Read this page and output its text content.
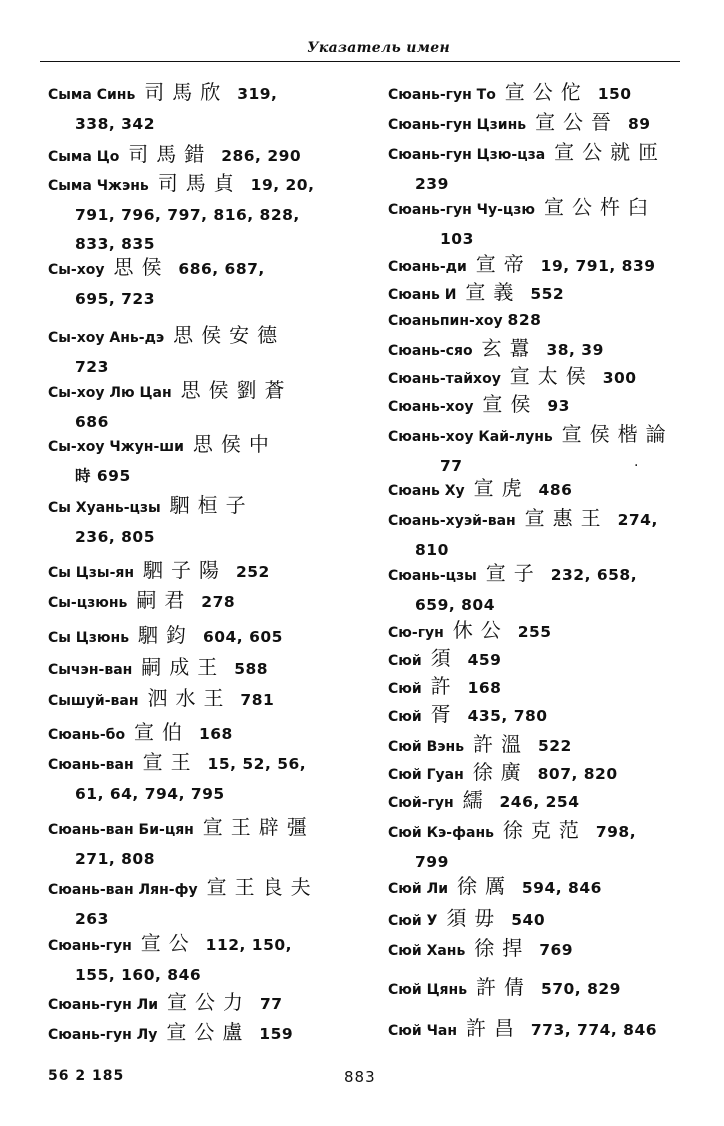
Указатель имен
Сыма Синь 司馬欣 319,
338, 342
Сыма Цо 司馬錯 286, 290
Сыма Чжэнь 司馬貞 19, 20,
791, 796, 797, 816, 828,
833, 835
Сы-хоу 思侯 686, 687,
695, 723
Сы-хоу Ань-дэ 思侯安德
723
Сы-хоу Лю Цан 思侯劉蒼
686
Сы-хоу Чжун-ши 思侯中
時 695
Сы Хуань-цзы 駟桓子
236, 805
Сы Цзы-ян 駟子陽 252
Сы-цзюнь 嗣君 278
Сы Цзюнь 駟鈞 604, 605
Сычэн-ван 嗣成王 588
Сышуй-ван 泗水王 781
Сюань-бо 宣伯 168
Сюань-ван 宣王 15, 52, 56,
61, 64, 794, 795
Сюань-ван Би-цян 宣王辟彊
271, 808
Сюань-ван Лян-фу 宣王良夫
263
Сюань-гун 宣公 112, 150,
155, 160, 846
Сюань-гун Ли 宣公力 77
Сюань-гун Лу 宣公盧 159
Сюань-гун То 宣公佗 150
Сюань-гун Цзинь 宣公晉 89
Сюань-гун Цзю-цза 宣公就匝
239
Сюань-гун Чу-цзю 宣公杵臼
103
Сюань-ди 宣帝 19, 791, 839
Сюань И 宣義 552
Сюаньпин-хоу 828
Сюань-сяо 玄囂 38, 39
Сюань-тайхоу 宣太侯 300
Сюань-хоу 宣侯 93
Сюань-хоу Кай-лунь 宣侯楷論
77
Сюань Ху 宣虎 486
Сюань-хуэй-ван 宣惠王 274,
810
Сюань-цзы 宣子 232, 658,
659, 804
Сю-гун 休公 255
Сюй 須 459
Сюй 許 168
Сюй 胥 435, 780
Сюй Вэнь 許溫 522
Сюй Гуан 徐廣 807, 820
Сюй-гун 繻 246, 254
Сюй Кэ-фань 徐克范 798,
799
Сюй Ли 徐厲 594, 846
Сюй У 須毋 540
Сюй Хань 徐捍 769
Сюй Цянь 許倩 570, 829
Сюй Чан 許昌 773, 774, 846
·
56 2 185	883
